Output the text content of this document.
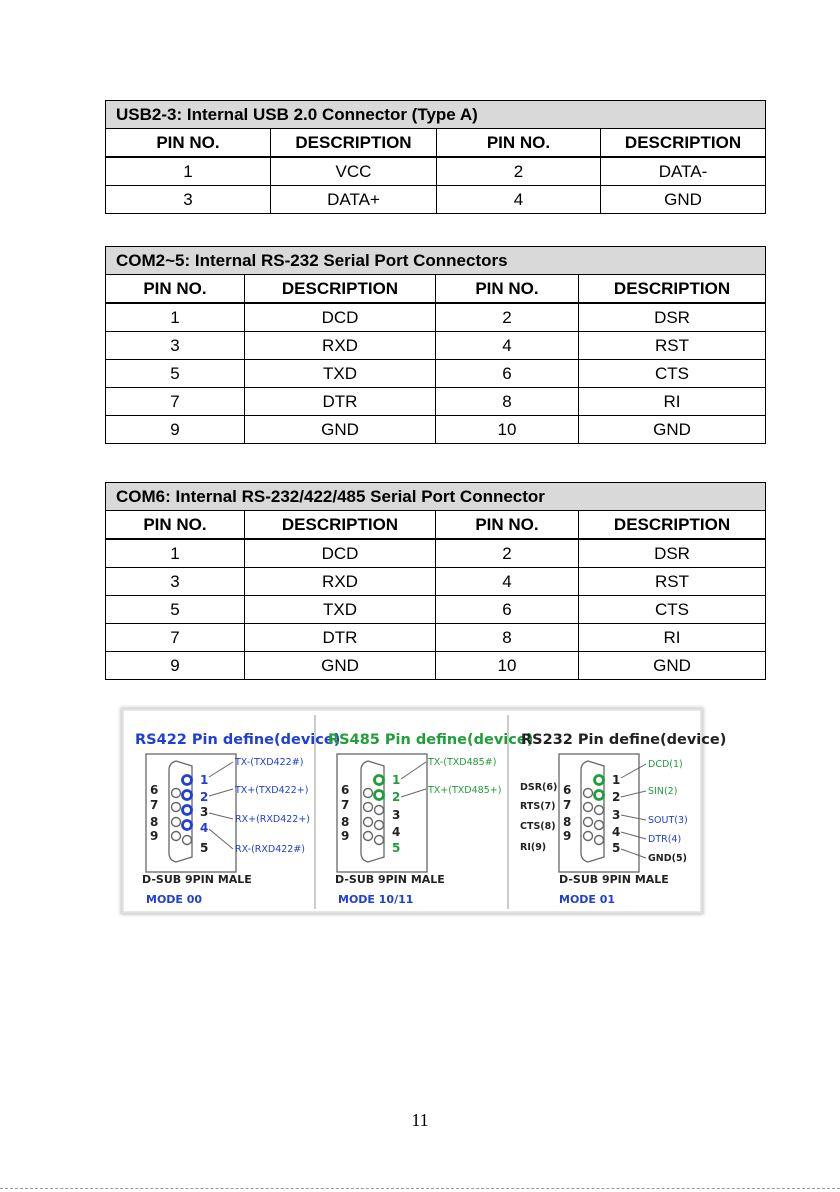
USB2-3: Internal USB 2.0 Connector (Type A)			
PIN NO.	DESCRIPTION	PIN NO.	DESCRIPTION
1	VCC	2	DATA-
3	DATA+	4	GND
COM2~5: Internal RS-232 Serial Port Connectors			
PIN NO.	DESCRIPTION	PIN NO.	DESCRIPTION
1	DCD	2	DSR
3	RXD	4	RST
5	TXD	6	CTS
7	DTR	8	RI
9	GND	10	GND
COM6: Internal RS-232/422/485 Serial Port Connector			
PIN NO.	DESCRIPTION	PIN NO.	DESCRIPTION
1	DCD	2	DSR
3	RXD	4	RST
5	TXD	6	CTS
7	DTR	8	RI
9	GND	10	GND
RS422 Pin define(device)
6
7
8
9
1
2
3
4
5
TX-(TXD422#)
TX+(TXD422+)
RX+(RXD422+)
RX-(RXD422#)
D-SUB 9PIN MALE
MODE 00
RS485 Pin define(device)
6
7
8
9
1
2
3
4
5
TX-(TXD485#)
TX+(TXD485+)
D-SUB 9PIN MALE
MODE 10/11
RS232 Pin define(device)
DSR(6)
RTS(7)
CTS(8)
RI(9)
6
7
8
9
1
2
3
4
5
DCD(1)
SIN(2)
SOUT(3)
DTR(4)
GND(5)
D-SUB 9PIN MALE
MODE 01
11
